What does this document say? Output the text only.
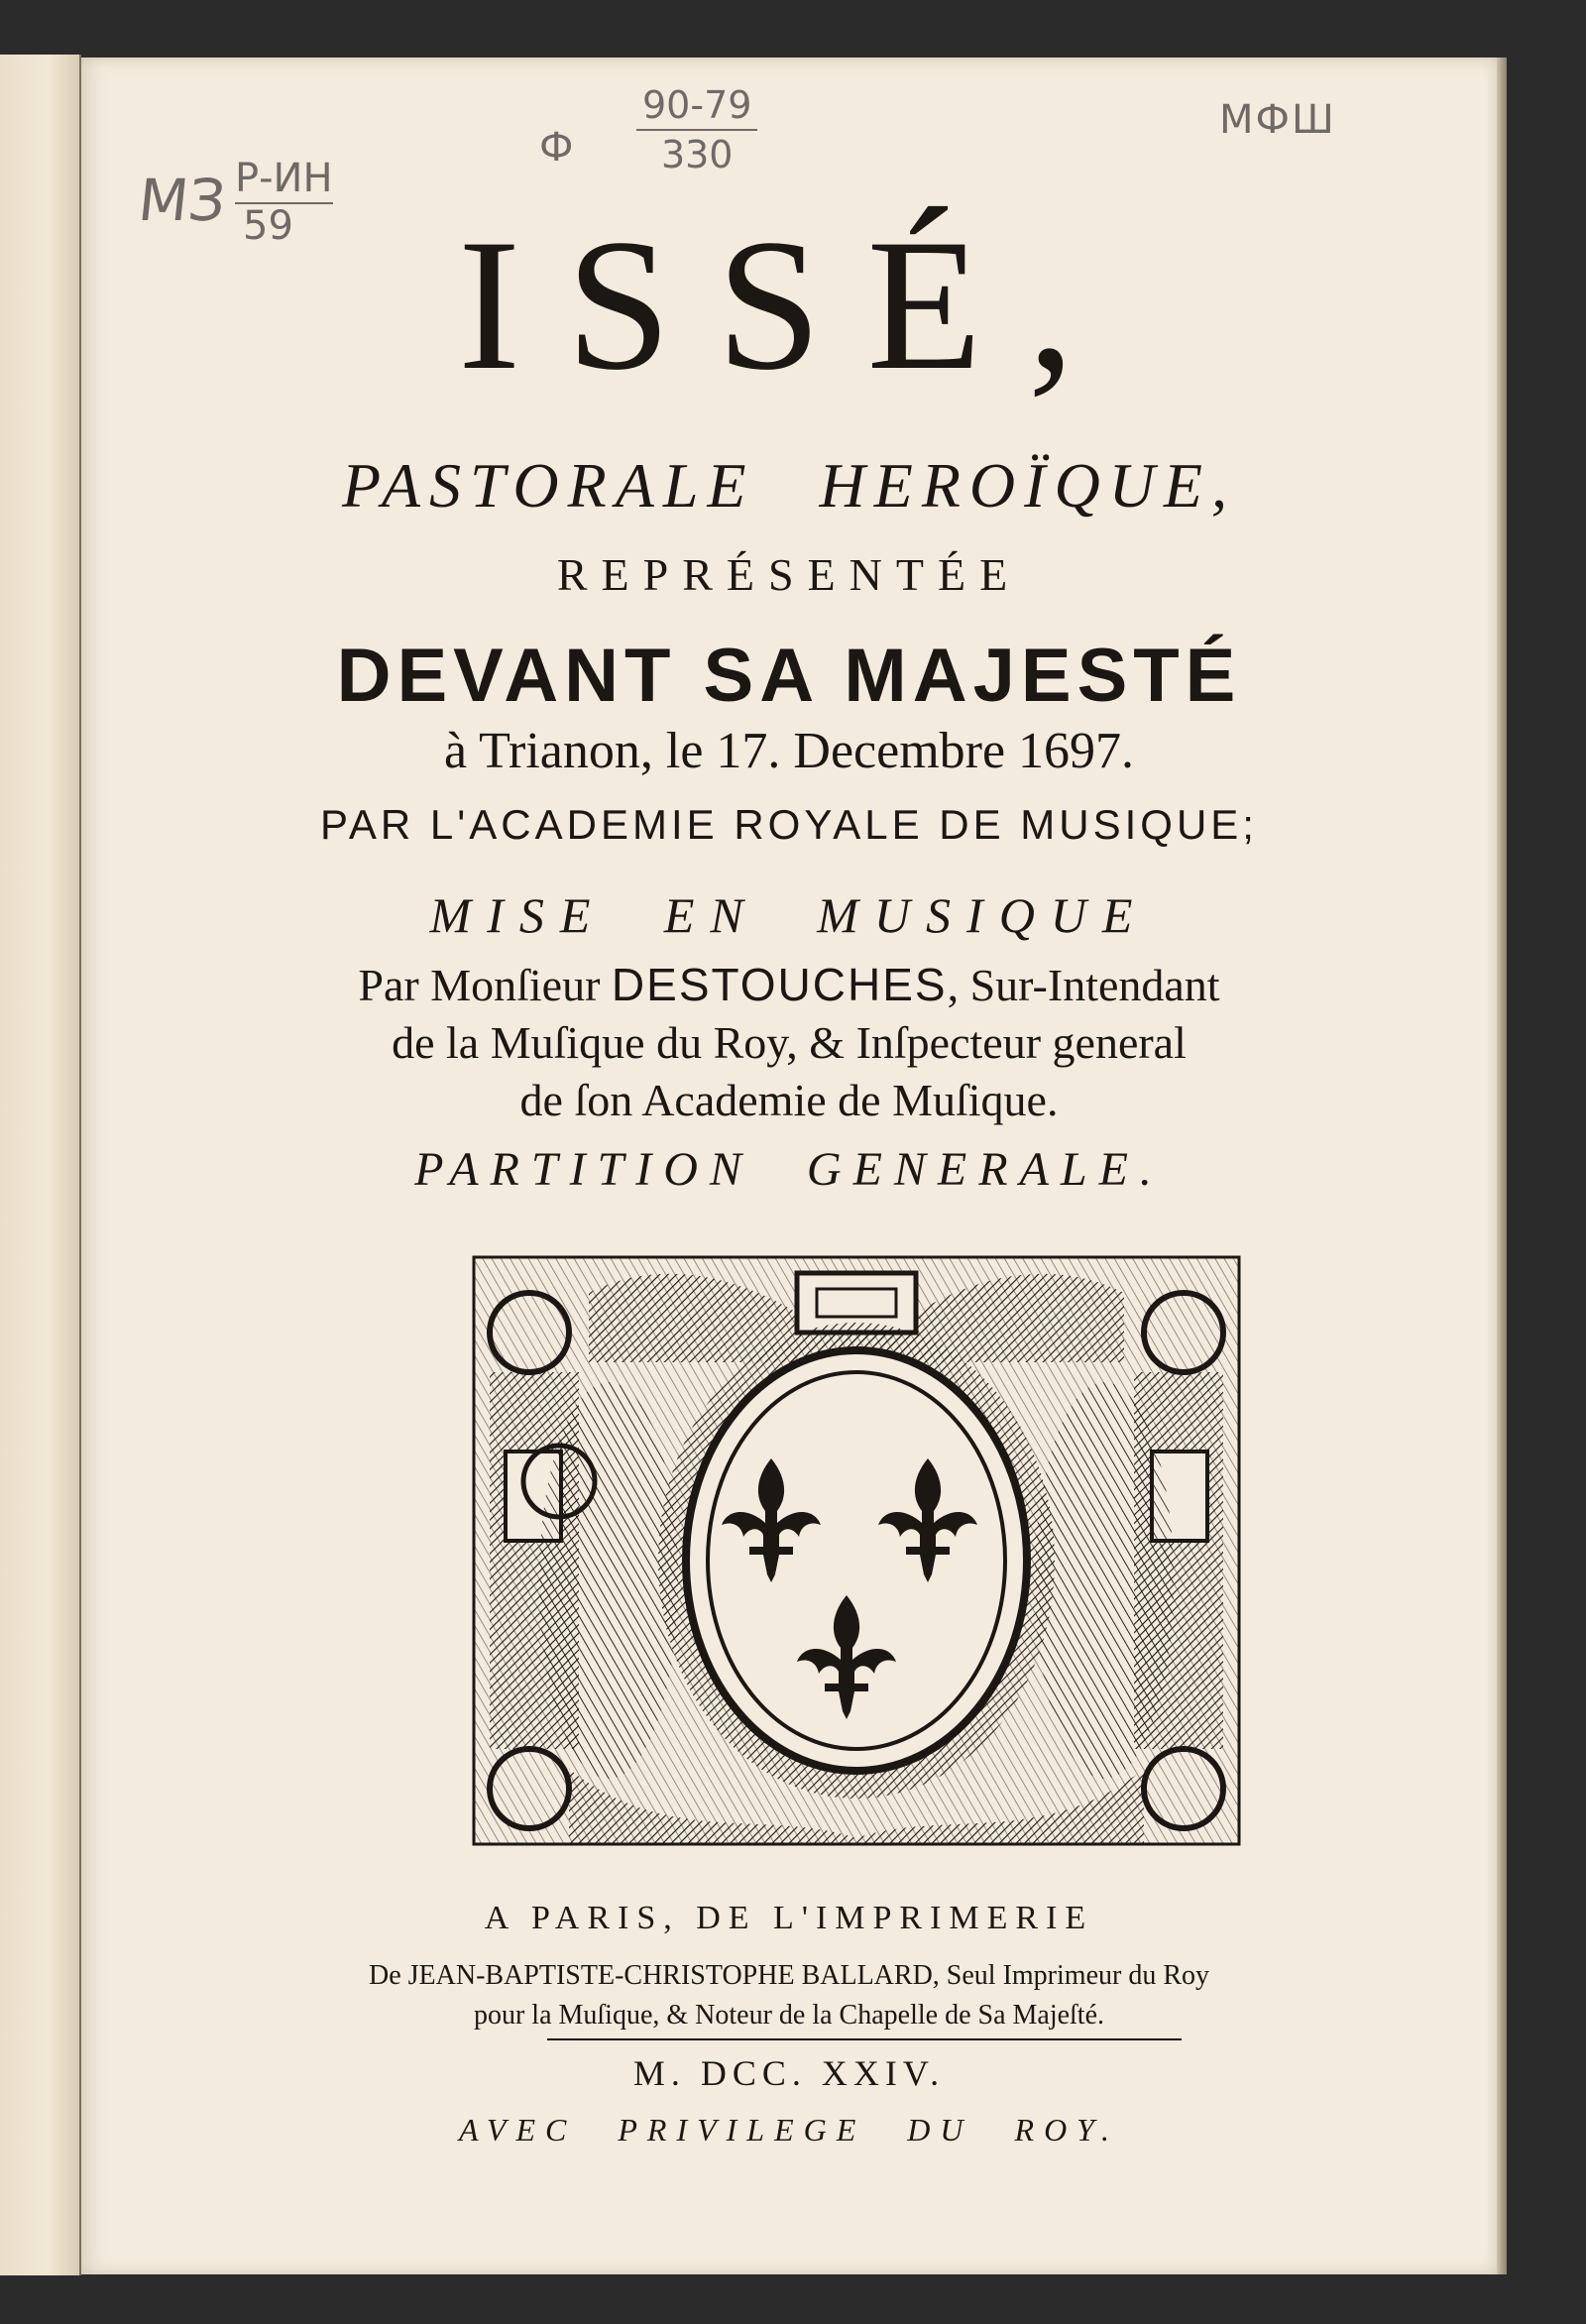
МЗ Р-ИН
59
Ф
90-79
330
МФШ
ISSÉ,
PASTORALE HEROÏQUE,
REPRÉSENTÉE
DEVANT SA MAJESTÉ
à Trianon, le 17. Decembre 1697.
PAR L'ACADEMIE ROYALE DE MUSIQUE;
MISE EN MUSIQUE
Par Monſieur DESTOUCHES, Sur-Intendant
de la Muſique du Roy, & Inſpecteur general
de ſon Academie de Muſique.
PARTITION GENERALE.
A PARIS, DE L'IMPRIMERIE
De JEAN-BAPTISTE-CHRISTOPHE BALLARD, Seul Imprimeur du Roy
pour la Muſique, & Noteur de la Chapelle de Sa Majeſté.
M. DCC. XXIV.
AVEC PRIVILEGE DU ROY.
